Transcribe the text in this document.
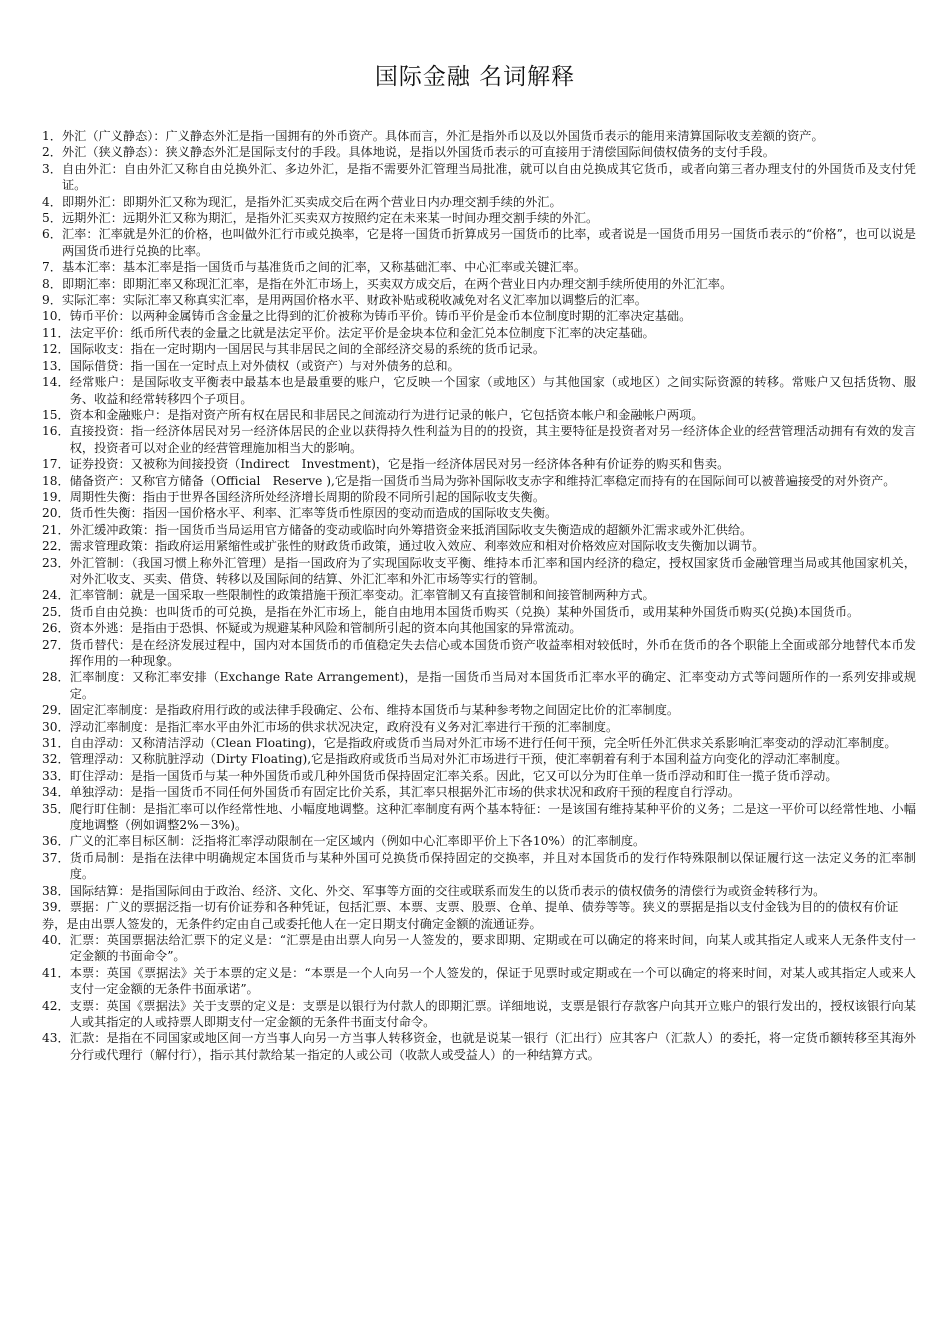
国际金融 名词解释
1． 外汇（广义静态）：广义静态外汇是指一国拥有的外币资产。具体而言，外汇是指外币以及以外国货币表示的能用来清算国际收支差额的资产。
2． 外汇（狭义静态）：狭义静态外汇是国际支付的手段。具体地说，是指以外国货币表示的可直接用于清偿国际间债权债务的支付手段。
3． 自由外汇：自由外汇又称自由兑换外汇、多边外汇，是指不需要外汇管理当局批准，就可以自由兑换成其它货币，或者向第三者办理支付的外国货币及支付凭证。
4． 即期外汇：即期外汇又称为现汇，是指外汇买卖成交后在两个营业日内办理交割手续的外汇。
5． 远期外汇：远期外汇又称为期汇，是指外汇买卖双方按照约定在未来某一时间办理交割手续的外汇。
6． 汇率：汇率就是外汇的价格，也叫做外汇行市或兑换率，它是将一国货币折算成另一国货币的比率，或者说是一国货币用另一国货币表示的“价格”，也可以说是两国货币进行兑换的比率。
7． 基本汇率：基本汇率是指一国货币与基准货币之间的汇率，又称基础汇率、中心汇率或关键汇率。
8． 即期汇率：即期汇率又称现汇汇率，是指在外汇市场上，买卖双方成交后，在两个营业日内办理交割手续所使用的外汇汇率。
9． 实际汇率：实际汇率又称真实汇率，是用两国价格水平、财政补贴或税收减免对名义汇率加以调整后的汇率。
10． 铸币平价：以两种金属铸币含金量之比得到的汇价被称为铸币平价。铸币平价是金币本位制度时期的汇率决定基础。
11． 法定平价：纸币所代表的金量之比就是法定平价。法定平价是金块本位和金汇兑本位制度下汇率的决定基础。
12． 国际收支：指在一定时期内一国居民与其非居民之间的全部经济交易的系统的货币记录。
13． 国际借贷：指一国在一定时点上对外债权（或资产）与对外债务的总和。
14． 经常账户：是国际收支平衡表中最基本也是最重要的账户，它反映一个国家（或地区）与其他国家（或地区）之间实际资源的转移。常账户又包括货物、服务、收益和经常转移四个子项目。
15． 资本和金融账户：是指对资产所有权在居民和非居民之间流动行为进行记录的帐户，它包括资本帐户和金融帐户两项。
16． 直接投资：指一经济体居民对另一经济体居民的企业以获得持久性利益为目的的投资，其主要特征是投资者对另一经济体企业的经营管理活动拥有有效的发言权，投资者可以对企业的经营管理施加相当大的影响。
17． 证券投资：又被称为间接投资（Indirect　Investment)，它是指一经济体居民对另一经济体各种有价证券的购买和售卖。
18． 储备资产：又称官方储备（Official　Reserve ),它是指一国货币当局为弥补国际收支赤字和维持汇率稳定而持有的在国际间可以被普遍接受的对外资产。
19． 周期性失衡：指由于世界各国经济所处经济增长周期的阶段不同所引起的国际收支失衡。
20． 货币性失衡：指因一国价格水平、利率、汇率等货币性原因的变动而造成的国际收支失衡。
21． 外汇缓冲政策：指一国货币当局运用官方储备的变动或临时向外筹措资金来抵消国际收支失衡造成的超额外汇需求或外汇供给。
22． 需求管理政策：指政府运用紧缩性或扩张性的财政货币政策，通过收入效应、利率效应和相对价格效应对国际收支失衡加以调节。
23． 外汇管制：（我国习惯上称外汇管理）是指一国政府为了实现国际收支平衡、维持本币汇率和国内经济的稳定，授权国家货币金融管理当局或其他国家机关，对外汇收支、买卖、借贷、转移以及国际间的结算、外汇汇率和外汇市场等实行的管制。
24． 汇率管制：就是一国采取一些限制性的政策措施干预汇率变动。汇率管制又有直接管制和间接管制两种方式。
25． 货币自由兑换：也叫货币的可兑换，是指在外汇市场上，能自由地用本国货币购买（兑换）某种外国货币，或用某种外国货币购买(兑换)本国货币。
26． 资本外逃：是指由于恐惧、怀疑或为规避某种风险和管制所引起的资本向其他国家的异常流动。
27． 货币替代：是在经济发展过程中，国内对本国货币的币值稳定失去信心或本国货币资产收益率相对较低时，外币在货币的各个职能上全面或部分地替代本币发挥作用的一种现象。
28． 汇率制度：又称汇率安排（Exchange Rate Arrangement)，是指一国货币当局对本国货币汇率水平的确定、汇率变动方式等问题所作的一系列安排或规定。
29． 固定汇率制度：是指政府用行政的或法律手段确定、公布、维持本国货币与某种参考物之间固定比价的汇率制度。
30． 浮动汇率制度：是指汇率水平由外汇市场的供求状况决定，政府没有义务对汇率进行干预的汇率制度。
31． 自由浮动：又称清洁浮动（Clean Floating)，它是指政府或货币当局对外汇市场不进行任何干预，完全听任外汇供求关系影响汇率变动的浮动汇率制度。
32． 管理浮动：又称肮脏浮动（Dirty Floating),它是指政府或货币当局对外汇市场进行干预，使汇率朝着有利于本国利益方向变化的浮动汇率制度。
33． 盯住浮动：是指一国货币与某一种外国货币或几种外国货币保持固定汇率关系。因此，它又可以分为盯住单一货币浮动和盯住一揽子货币浮动。
34． 单独浮动：是指一国货币不同任何外国货币有固定比价关系，其汇率只根据外汇市场的供求状况和政府干预的程度自行浮动。
35． 爬行盯住制：是指汇率可以作经常性地、小幅度地调整。这种汇率制度有两个基本特征：一是该国有维持某种平价的义务；二是这一平价可以经常性地、小幅度地调整（例如调整2%－3%)。
36． 广义的汇率目标区制：泛指将汇率浮动限制在一定区域内（例如中心汇率即平价上下各10%）的汇率制度。
37． 货币局制：是指在法律中明确规定本国货币与某种外国可兑换货币保持固定的交换率，并且对本国货币的发行作特殊限制以保证履行这一法定义务的汇率制度。
38．国际结算：是指国际间由于政治、经济、文化、外交、军事等方面的交往或联系而发生的以货币表示的债权债务的清偿行为或资金转移行为。
39．票据：广义的票据泛指一切有价证券和各种凭证，包括汇票、本票、支票、股票、仓单、提单、债券等等。狭义的票据是指以支付金钱为目的的债权有价证券，是由出票人签发的，无条件约定由自己或委托他人在一定日期支付确定金额的流通证券。
40． 汇票：英国票据法给汇票下的定义是：“汇票是由出票人向另一人签发的，要求即期、定期或在可以确定的将来时间，向某人或其指定人或来人无条件支付一定金额的书面命令”。
41． 本票：英国《票据法》关于本票的定义是：“本票是一个人向另一个人签发的，保证于见票时或定期或在一个可以确定的将来时间，对某人或其指定人或来人支付一定金额的无条件书面承诺”。
42． 支票：英国《票据法》关于支票的定义是：支票是以银行为付款人的即期汇票。详细地说，支票是银行存款客户向其开立账户的银行发出的，授权该银行向某人或其指定的人或持票人即期支付一定金额的无条件书面支付命令。
43． 汇款：是指在不同国家或地区间一方当事人向另一方当事人转移资金，也就是说某一银行（汇出行）应其客户（汇款人）的委托，将一定货币额转移至其海外分行或代理行（解付行），指示其付款给某一指定的人或公司（收款人或受益人）的一种结算方式。
